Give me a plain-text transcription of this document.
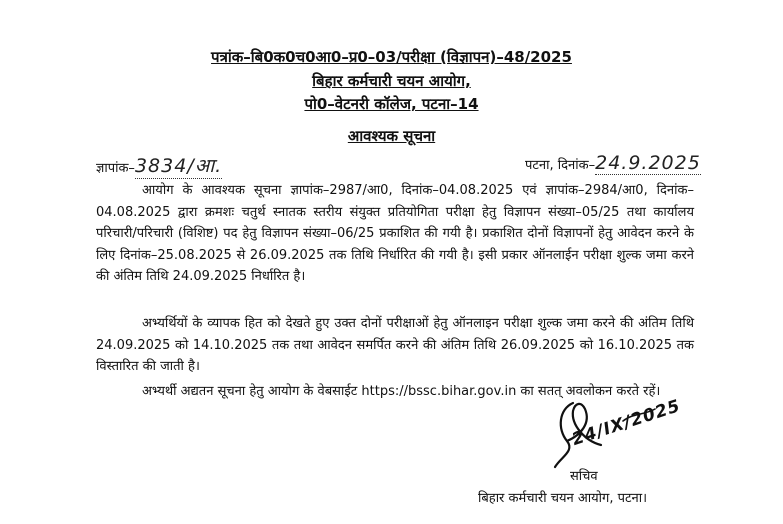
पत्रांक–बि0क0च0आ0–प्र0–03/परीक्षा (विज्ञापन)–48/2025
बिहार कर्मचारी चयन आयोग,
पो0–वेटनरी कॉलेज, पटना–14
आवश्यक सूचना
ज्ञापांक–3834/आ.	पटना, दिनांक–24.9.2025

आयोग के आवश्यक सूचना ज्ञापांक–2987/आ0, दिनांक–04.08.2025 एवं ज्ञापांक–2984/आ0, दिनांक–04.08.2025 द्वारा क्रमशः चतुर्थ स्नातक स्तरीय संयुक्त प्रतियोगिता परीक्षा हेतु विज्ञापन संख्या–05/25 तथा कार्यालय परिचारी/परिचारी (विशिष्ट) पद हेतु विज्ञापन संख्या–06/25 प्रकाशित की गयी है। प्रकाशित दोनों विज्ञापनों हेतु आवेदन करने के लिए दिनांक–25.08.2025 से 26.09.2025 तक तिथि निर्धारित की गयी है। इसी प्रकार ऑनलाईन परीक्षा शुल्क जमा करने की अंतिम तिथि 24.09.2025 निर्धारित है।

अभ्यर्थियों के व्यापक हित को देखते हुए उक्त दोनों परीक्षाओं हेतु ऑनलाइन परीक्षा शुल्क जमा करने की अंतिम तिथि 24.09.2025 को 14.10.2025 तक तथा आवेदन समर्पित करने की अंतिम तिथि 26.09.2025 को 16.10.2025 तक विस्तारित की जाती है।

अभ्यर्थी अद्यतन सूचना हेतु आयोग के वेबसाईट https://bssc.bihar.gov.in का सतत् अवलोकन करते रहें।

24/IX/2025
सचिव
बिहार कर्मचारी चयन आयोग, पटना।
